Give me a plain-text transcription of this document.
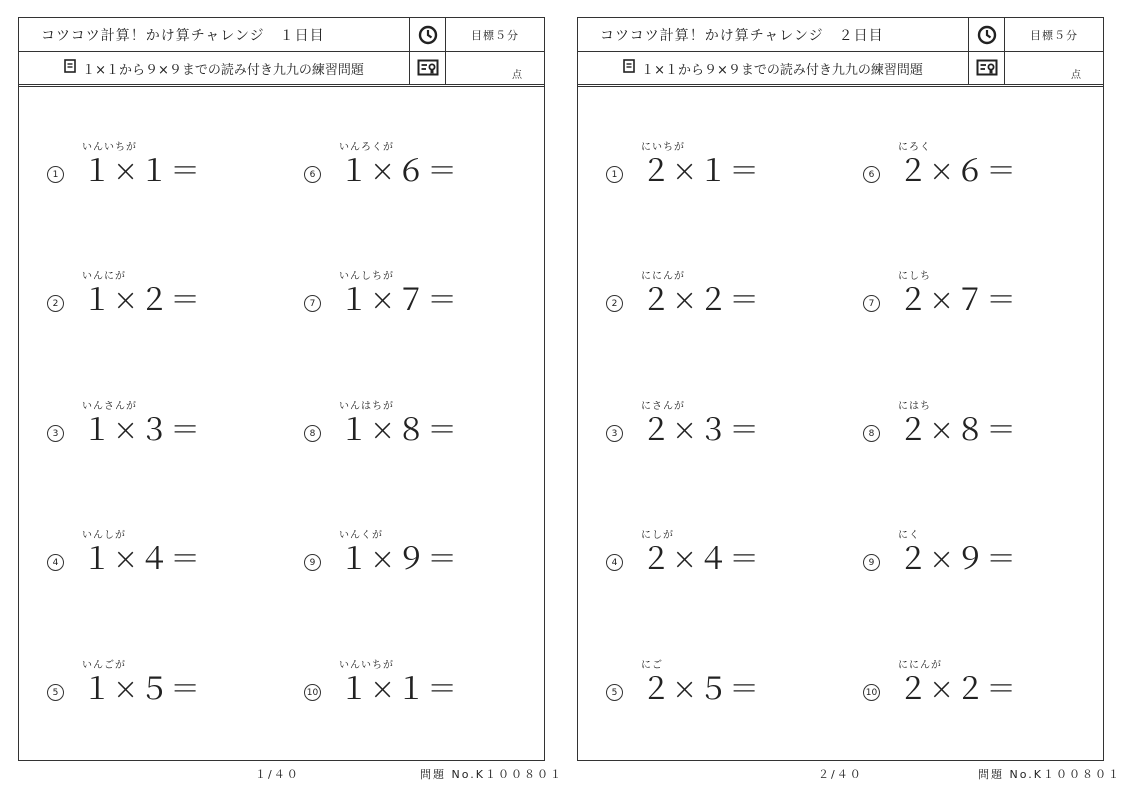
コツコツ計算！かけ算チャレンジ　１日目	目標５分
１×１から９×９までの読み付き九九の練習問題	点
いんいちが
1 １×１＝
いんにが
2 １×２＝
いんさんが
3 １×３＝
いんしが
4 １×４＝
いんごが
5 １×５＝
いんろくが
6 １×６＝
いんしちが
7 １×７＝
いんはちが
8 １×８＝
いんくが
9 １×９＝
いんいちが
10 １×１＝
１/４０	問題 No.K１００８０１
コツコツ計算！かけ算チャレンジ　２日目	目標５分
１×１から９×９までの読み付き九九の練習問題	点
にいちが
1 ２×１＝
ににんが
2 ２×２＝
にさんが
3 ２×３＝
にしが
4 ２×４＝
にご
5 ２×５＝
にろく
6 ２×６＝
にしち
7 ２×７＝
にはち
8 ２×８＝
にく
9 ２×９＝
ににんが
10 ２×２＝
２/４０	問題 No.K１００８０１
